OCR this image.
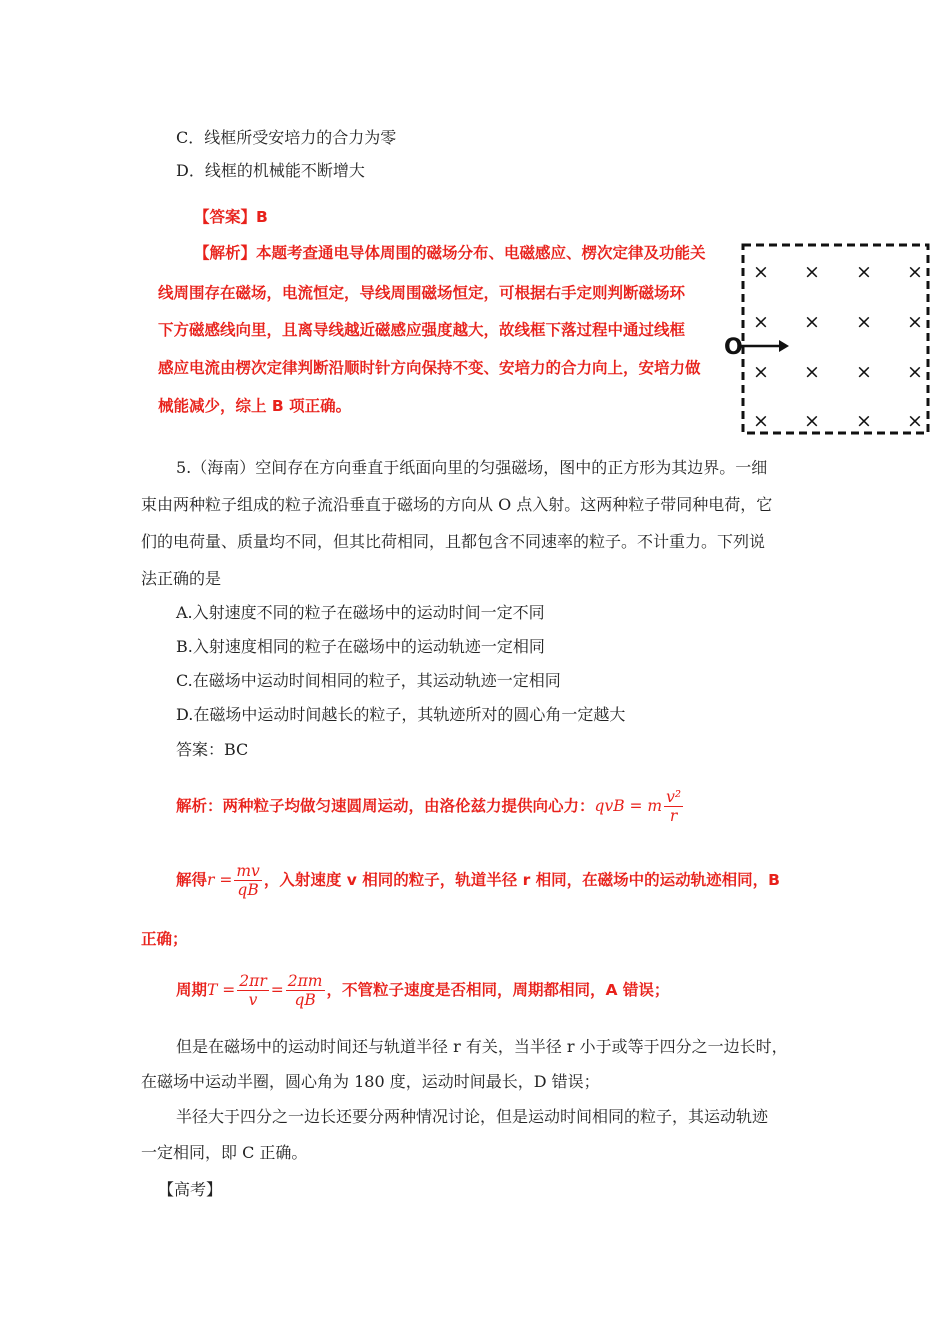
C．线框所受安培力的合力为零
D．线框的机械能不断增大
【答案】B
【解析】本题考查通电导体周围的磁场分布、电磁感应、楞次定律及功能关
线周围存在磁场，电流恒定，导线周围磁场恒定，可根据右手定则判断磁场环
下方磁感线向里，且离导线越近磁感应强度越大，故线框下落过程中通过线框
感应电流由楞次定律判断沿顺时针方向保持不变、安培力的合力向上，安培力做
械能减少，综上 B 项正确。
× × × ×
× × × ×
× × × ×
× × × ×
O
5.（海南）空间存在方向垂直于纸面向里的匀强磁场，图中的正方形为其边界。一细
束由两种粒子组成的粒子流沿垂直于磁场的方向从 O 点入射。这两种粒子带同种电荷，它
们的电荷量、质量均不同，但其比荷相同，且都包含不同速率的粒子。不计重力。下列说
法正确的是
A.入射速度不同的粒子在磁场中的运动时间一定不同
B.入射速度相同的粒子在磁场中的运动轨迹一定相同
C.在磁场中运动时间相同的粒子，其运动轨迹一定相同
D.在磁场中运动时间越长的粒子，其轨迹所对的圆心角一定越大
答案：BC
解析：两种粒子均做匀速圆周运动，由洛伦兹力提供向心力：qvB = m $\frac{\text{v²}}{r}$
解得$r = \frac{mv}{qB}$ ，入射速度 v 相同的粒子，轨道半径 r 相同，在磁场中的运动轨迹相同，B
正确；
周期$T = \frac{2\pi r}{v} = \frac{2\pi m}{qB}$ ，不管粒子速度是否相同，周期都相同，A 错误；
但是在磁场中的运动时间还与轨道半径 r 有关，当半径 r 小于或等于四分之一边长时，
在磁场中运动半圈，圆心角为 180 度，运动时间最长，D 错误；
半径大于四分之一边长还要分两种情况讨论，但是运动时间相同的粒子，其运动轨迹
一定相同，即 C 正确。
【高考】
